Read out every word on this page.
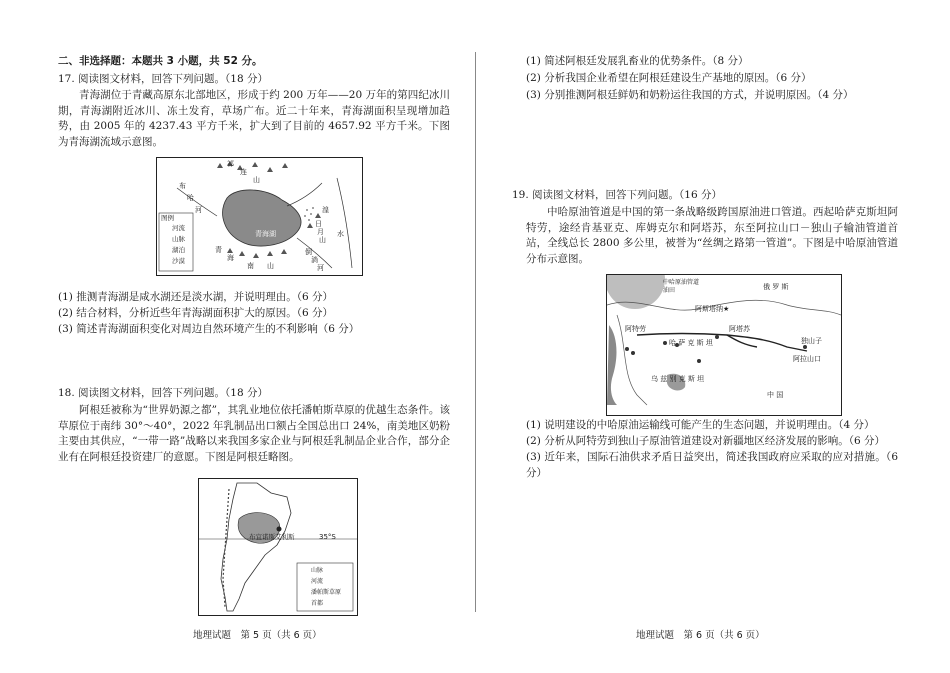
二、非选择题：本题共 3 小题，共 52 分。
17. 阅读图文材料，回答下列问题。（18 分）
青海湖位于青藏高原东北部地区，形成于约 200 万年——20 万年的第四纪冰川期，青海湖附近冰川、冻土发育，草场广布。近二十年来，青海湖面积呈现增加趋势，由 2005 年的 4237.43 平方千米，扩大到了目前的 4657.92 平方千米。下图为青海湖流域示意图。
青海湖
祁
连
山
布
哈
河
青
海
南 山
湟
水
日
月
山
倒
淌
河
图例
河流
山脉
湖泊
沙漠
(1) 推测青海湖是咸水湖还是淡水湖，并说明理由。（6 分）
(2) 结合材料，分析近些年青海湖面积扩大的原因。（6 分）
(3) 简述青海湖面积变化对周边自然环境产生的不利影响（6 分）
18. 阅读图文材料，回答下列问题。（18 分）
阿根廷被称为“世界奶源之都”，其乳业地位依托潘帕斯草原的优越生态条件。该草原位于南纬 30°～40°，2022 年乳制品出口额占全国总出口 24%，南美地区奶粉主要由其供应，“一带一路”战略以来我国多家企业与阿根廷乳制品企业合作，部分企业有在阿根廷投资建厂的意愿。下图是阿根廷略图。
布宜诺斯艾利斯	35°S
山脉
河流
潘帕斯草原
首都
地理试题　第 5 页（共 6 页）
(1) 简述阿根廷发展乳畜业的优势条件。（8 分）
(2) 分析我国企业希望在阿根廷建设生产基地的原因。（6 分）
(3) 分别推测阿根廷鲜奶和奶粉运往我国的方式，并说明原因。（4 分）
19. 阅读图文材料，回答下列问题。（16 分）
中哈原油管道是中国的第一条战略级跨国原油进口管道。西起哈萨克斯坦阿特劳，途经肯基亚克、库姆克尔和阿塔苏，东至阿拉山口－独山子输油管道首站，全线总长 2800 多公里，被誉为“丝绸之路第一管道”。下图是中哈原油管道分布示意图。
中哈原油管道
油田	俄 罗 斯
阿斯塔纳★
阿特劳	阿塔苏
独山子
阿拉山口
哈 萨 克 斯 坦
乌 兹 别 克 斯 坦
中 国
(1) 说明建设的中哈原油运输线可能产生的生态问题，并说明理由。（4 分）
(2) 分析从阿特劳到独山子原油管道建设对新疆地区经济发展的影响。（6 分）
(3) 近年来，国际石油供求矛盾日益突出，简述我国政府应采取的应对措施。（6 分）
地理试题　第 6 页（共 6 页）
